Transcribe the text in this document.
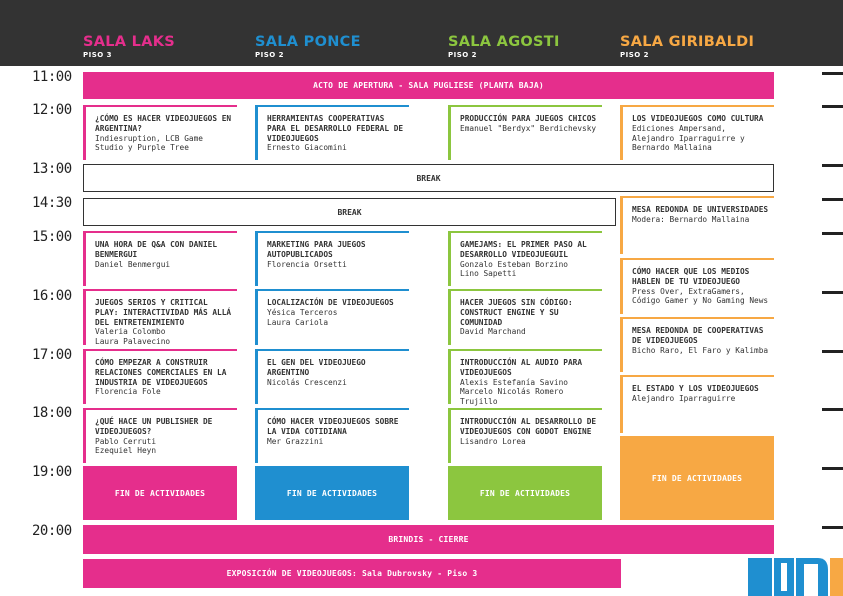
SALA LAKS
PISO 3
SALA PONCE
PISO 2
SALA AGOSTI
PISO 2
SALA GIRIBALDI
PISO 2
11:00
12:00
13:00
14:30
15:00
16:00
17:00
18:00
19:00
20:00
ACTO DE APERTURA - SALA PUGLIESE (PLANTA BAJA)
BREAK
BREAK
¿CÓMO ES HACER VIDEOJUEGOS EN ARGENTINA?
Indiesruption, LCB Game Studio y Purple Tree
UNA HORA DE Q&A CON DANIEL BENMERGUI
Daniel Benmergui
JUEGOS SERIOS Y CRITICAL PLAY: INTERACTIVIDAD MÁS ALLÁ DEL ENTRETENIMIENTO
Valeria Colombo
Laura Palavecino
CÓMO EMPEZAR A CONSTRUIR RELACIONES COMERCIALES EN LA INDUSTRIA DE VIDEOJUEGOS
Florencia Fole
¿QUÉ HACE UN PUBLISHER DE VIDEOJUEGOS?
Pablo Cerruti
Ezequiel Heyn
FIN DE ACTIVIDADES
HERRAMIENTAS COOPERATIVAS PARA EL DESARROLLO FEDERAL DE VIDEOJUEGOS
Ernesto Giacomini
MARKETING PARA JUEGOS AUTOPUBLICADOS
Florencia Orsetti
LOCALIZACIÓN DE VIDEOJUEGOS
Yésica Terceros
Laura Cariola
EL GEN DEL VIDEOJUEGO ARGENTINO
Nicolás Crescenzi
CÓMO HACER VIDEOJUEGOS SOBRE LA VIDA COTIDIANA
Mer Grazzini
FIN DE ACTIVIDADES
PRODUCCIÓN PARA JUEGOS CHICOS
Emanuel "Berdyx" Berdichevsky
GAMEJAMS: EL PRIMER PASO AL DESARROLLO VIDEOJUEGUIL
Gonzalo Esteban Borzino
Lino Sapetti
HACER JUEGOS SIN CÓDIGO: CONSTRUCT ENGINE Y SU COMUNIDAD
David Marchand
INTRODUCCIÓN AL AUDIO PARA VIDEOJUEGOS
Alexis Estefanía Savino
Marcelo Nicolás Romero Trujillo
INTRODUCCIÓN AL DESARROLLO DE VIDEOJUEGOS CON GODOT ENGINE
Lisandro Lorea
FIN DE ACTIVIDADES
LOS VIDEOJUEGOS COMO CULTURA
Ediciones Ampersand, Alejandro Iparraguirre y Bernardo Mallaina
MESA REDONDA DE UNIVERSIDADES
Modera: Bernardo Mallaina
CÓMO HACER QUE LOS MEDIOS HABLEN DE TU VIDEOJUEGO
Press Over, ExtraGamers, Código Gamer y No Gaming News
MESA REDONDA DE COOPERATIVAS DE VIDEOJUEGOS
Bicho Raro, El Faro y Kalimba
EL ESTADO Y LOS VIDEOJUEGOS
Alejandro Iparraguirre
FIN DE ACTIVIDADES
BRINDIS - CIERRE
EXPOSICIÓN DE VIDEOJUEGOS: Sala Dubrovsky - Piso 3
